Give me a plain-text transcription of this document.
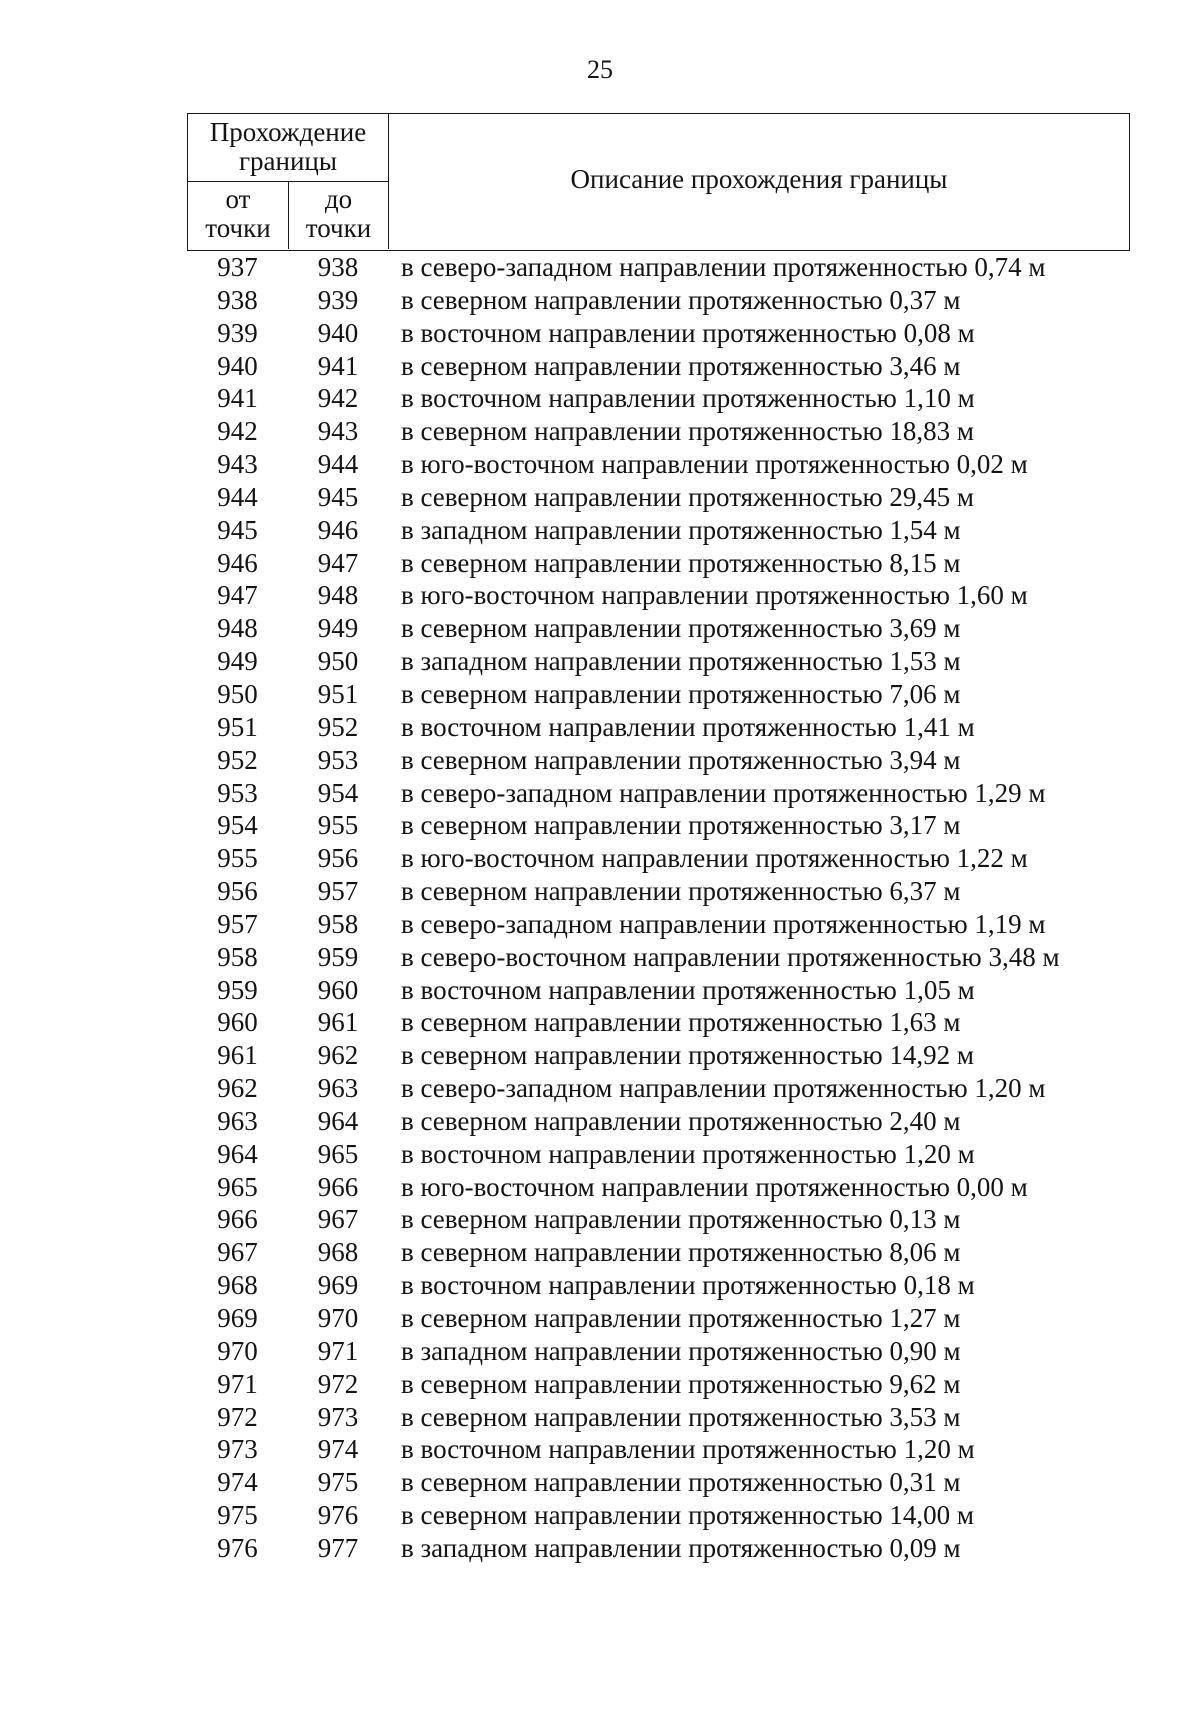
25
Прохождение
границы
от
точки
до
точки
Описание прохождения границы
937	938	в северо-западном направлении протяженностью 0,74 м
938	939	в северном направлении протяженностью 0,37 м
939	940	в восточном направлении протяженностью 0,08 м
940	941	в северном направлении протяженностью 3,46 м
941	942	в восточном направлении протяженностью 1,10 м
942	943	в северном направлении протяженностью 18,83 м
943	944	в юго-восточном направлении протяженностью 0,02 м
944	945	в северном направлении протяженностью 29,45 м
945	946	в западном направлении протяженностью 1,54 м
946	947	в северном направлении протяженностью 8,15 м
947	948	в юго-восточном направлении протяженностью 1,60 м
948	949	в северном направлении протяженностью 3,69 м
949	950	в западном направлении протяженностью 1,53 м
950	951	в северном направлении протяженностью 7,06 м
951	952	в восточном направлении протяженностью 1,41 м
952	953	в северном направлении протяженностью 3,94 м
953	954	в северо-западном направлении протяженностью 1,29 м
954	955	в северном направлении протяженностью 3,17 м
955	956	в юго-восточном направлении протяженностью 1,22 м
956	957	в северном направлении протяженностью 6,37 м
957	958	в северо-западном направлении протяженностью 1,19 м
958	959	в северо-восточном направлении протяженностью 3,48 м
959	960	в восточном направлении протяженностью 1,05 м
960	961	в северном направлении протяженностью 1,63 м
961	962	в северном направлении протяженностью 14,92 м
962	963	в северо-западном направлении протяженностью 1,20 м
963	964	в северном направлении протяженностью 2,40 м
964	965	в восточном направлении протяженностью 1,20 м
965	966	в юго-восточном направлении протяженностью 0,00 м
966	967	в северном направлении протяженностью 0,13 м
967	968	в северном направлении протяженностью 8,06 м
968	969	в восточном направлении протяженностью 0,18 м
969	970	в северном направлении протяженностью 1,27 м
970	971	в западном направлении протяженностью 0,90 м
971	972	в северном направлении протяженностью 9,62 м
972	973	в северном направлении протяженностью 3,53 м
973	974	в восточном направлении протяженностью 1,20 м
974	975	в северном направлении протяженностью 0,31 м
975	976	в северном направлении протяженностью 14,00 м
976	977	в западном направлении протяженностью 0,09 м
